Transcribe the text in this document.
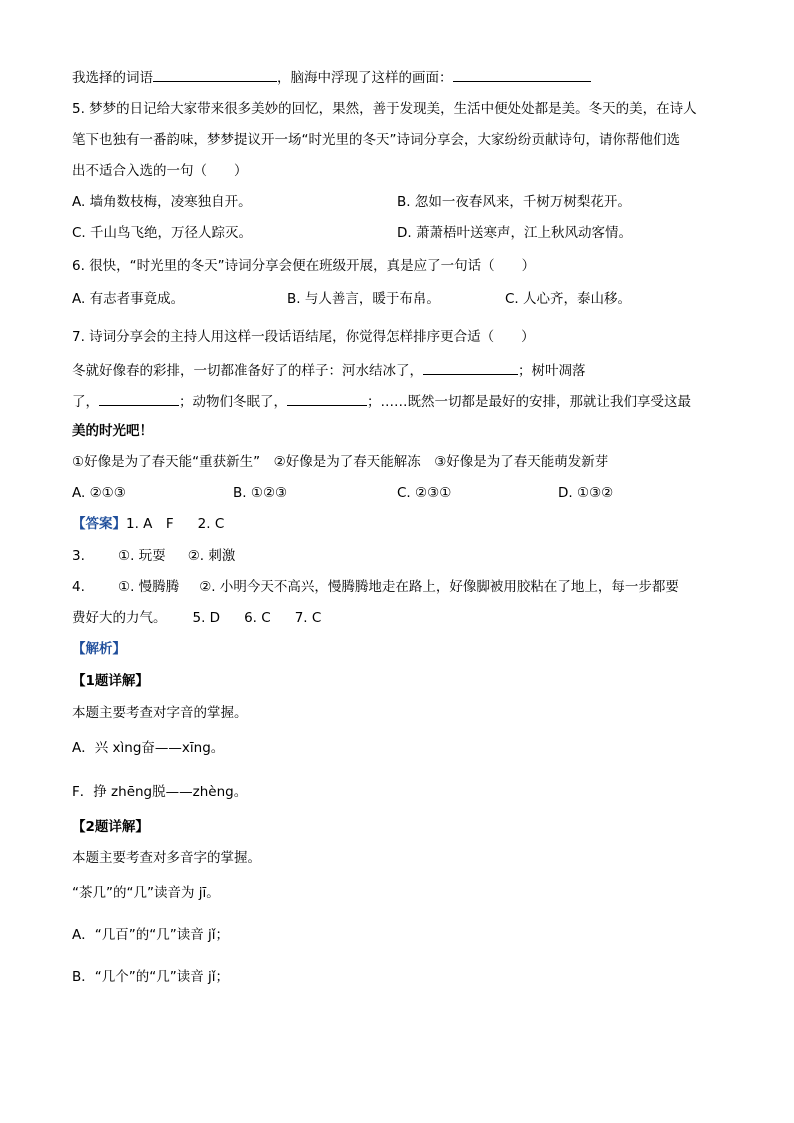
我选择的词语	，脑海中浮现了这样的画面：
5. 梦梦的日记给大家带来很多美妙的回忆，果然，善于发现美，生活中便处处都是美。冬天的美，在诗人
笔下也独有一番韵味，梦梦提议开一场“时光里的冬天”诗词分享会，大家纷纷贡献诗句，请你帮他们选
出不适合入选的一句（　　）
A. 墙角数枝梅，凌寒独自开。	B. 忽如一夜春风来，千树万树梨花开。
C. 千山鸟飞绝，万径人踪灭。	D. 萧萧梧叶送寒声，江上秋风动客情。
6. 很快，“时光里的冬天”诗词分享会便在班级开展，真是应了一句话（　　）
A. 有志者事竟成。	B. 与人善言，暖于布帛。	C. 人心齐，泰山移。
7. 诗词分享会的主持人用这样一段话语结尾，你觉得怎样排序更合适（　　）
冬就好像春的彩排，一切都准备好了的样子：河水结冰了，	；树叶凋落
了，	；动物们冬眠了，	；……既然一切都是最好的安排，那就让我们享受这最
美的时光吧！
①好像是为了春天能“重获新生”　②好像是为了春天能解冻　③好像是为了春天能萌发新芽
A. ②①③	B. ①②③	C. ②③①	D. ①③②
【答案】1. A　F 2. C
3. ①. 玩耍 ②. 刺激
4. ①. 慢腾腾 ②. 小明今天不高兴，慢腾腾地走在路上，好像脚被用胶粘在了地上，每一步都要
费好大的力气。 5. D 6. C 7. C
【解析】
【1题详解】
本题主要考查对字音的掌握。
A．兴 xìng奋——xīng。
F．挣 zhēng脱——zhèng。
【2题详解】
本题主要考查对多音字的掌握。
“茶几”的“几”读音为 jī。
A．“几百”的“几”读音 jǐ；
B．“几个”的“几”读音 jǐ；
